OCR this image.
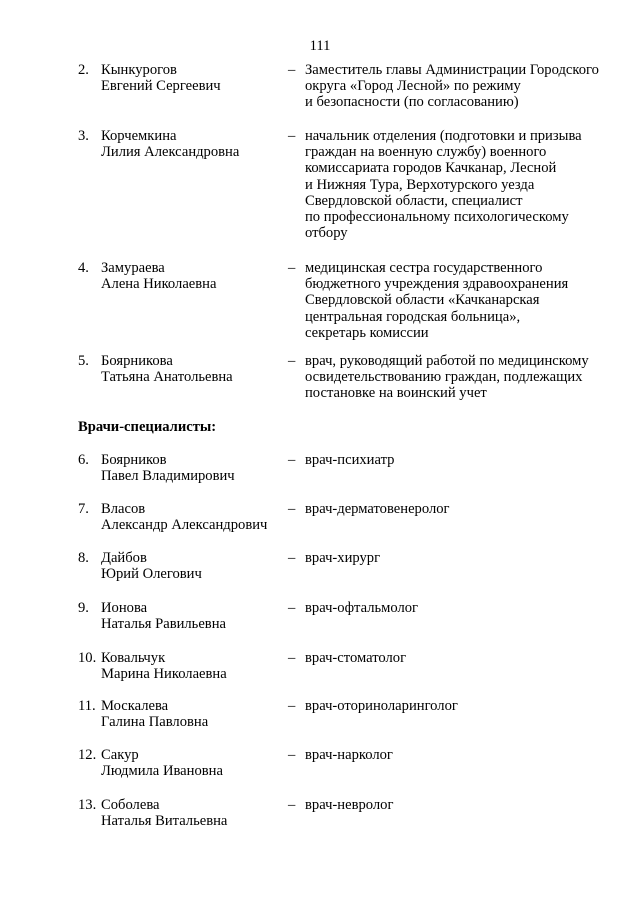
111
2. Кынкурогов
Евгений Сергеевич
– Заместитель главы Администрации Городского
округа «Город Лесной» по режиму
и безопасности (по согласованию)
3. Корчемкина
Лилия Александровна
– начальник отделения (подготовки и призыва
граждан на военную службу) военного
комиссариата городов Качканар, Лесной
и Нижняя Тура, Верхотурского уезда
Свердловской области, специалист
по профессиональному психологическому
отбору
4. Замураева
Алена Николаевна
– медицинская сестра государственного
бюджетного учреждения здравоохранения
Свердловской области «Качканарская
центральная городская больница»,
секретарь комиссии
5. Боярникова
Татьяна Анатольевна
– врач, руководящий работой по медицинскому
освидетельствованию граждан, подлежащих
постановке на воинский учет
Врачи-специалисты:
6. Боярников
Павел Владимирович
– врач-психиатр
7. Власов
Александр Александрович
– врач-дерматовенеролог
8. Дайбов
Юрий Олегович
– врач-хирург
9. Ионова
Наталья Равильевна
– врач-офтальмолог
10. Ковальчук
Марина Николаевна
– врач-стоматолог
11. Москалева
Галина Павловна
– врач-оториноларинголог
12. Сакур
Людмила Ивановна
– врач-нарколог
13. Соболева
Наталья Витальевна
– врач-невролог
